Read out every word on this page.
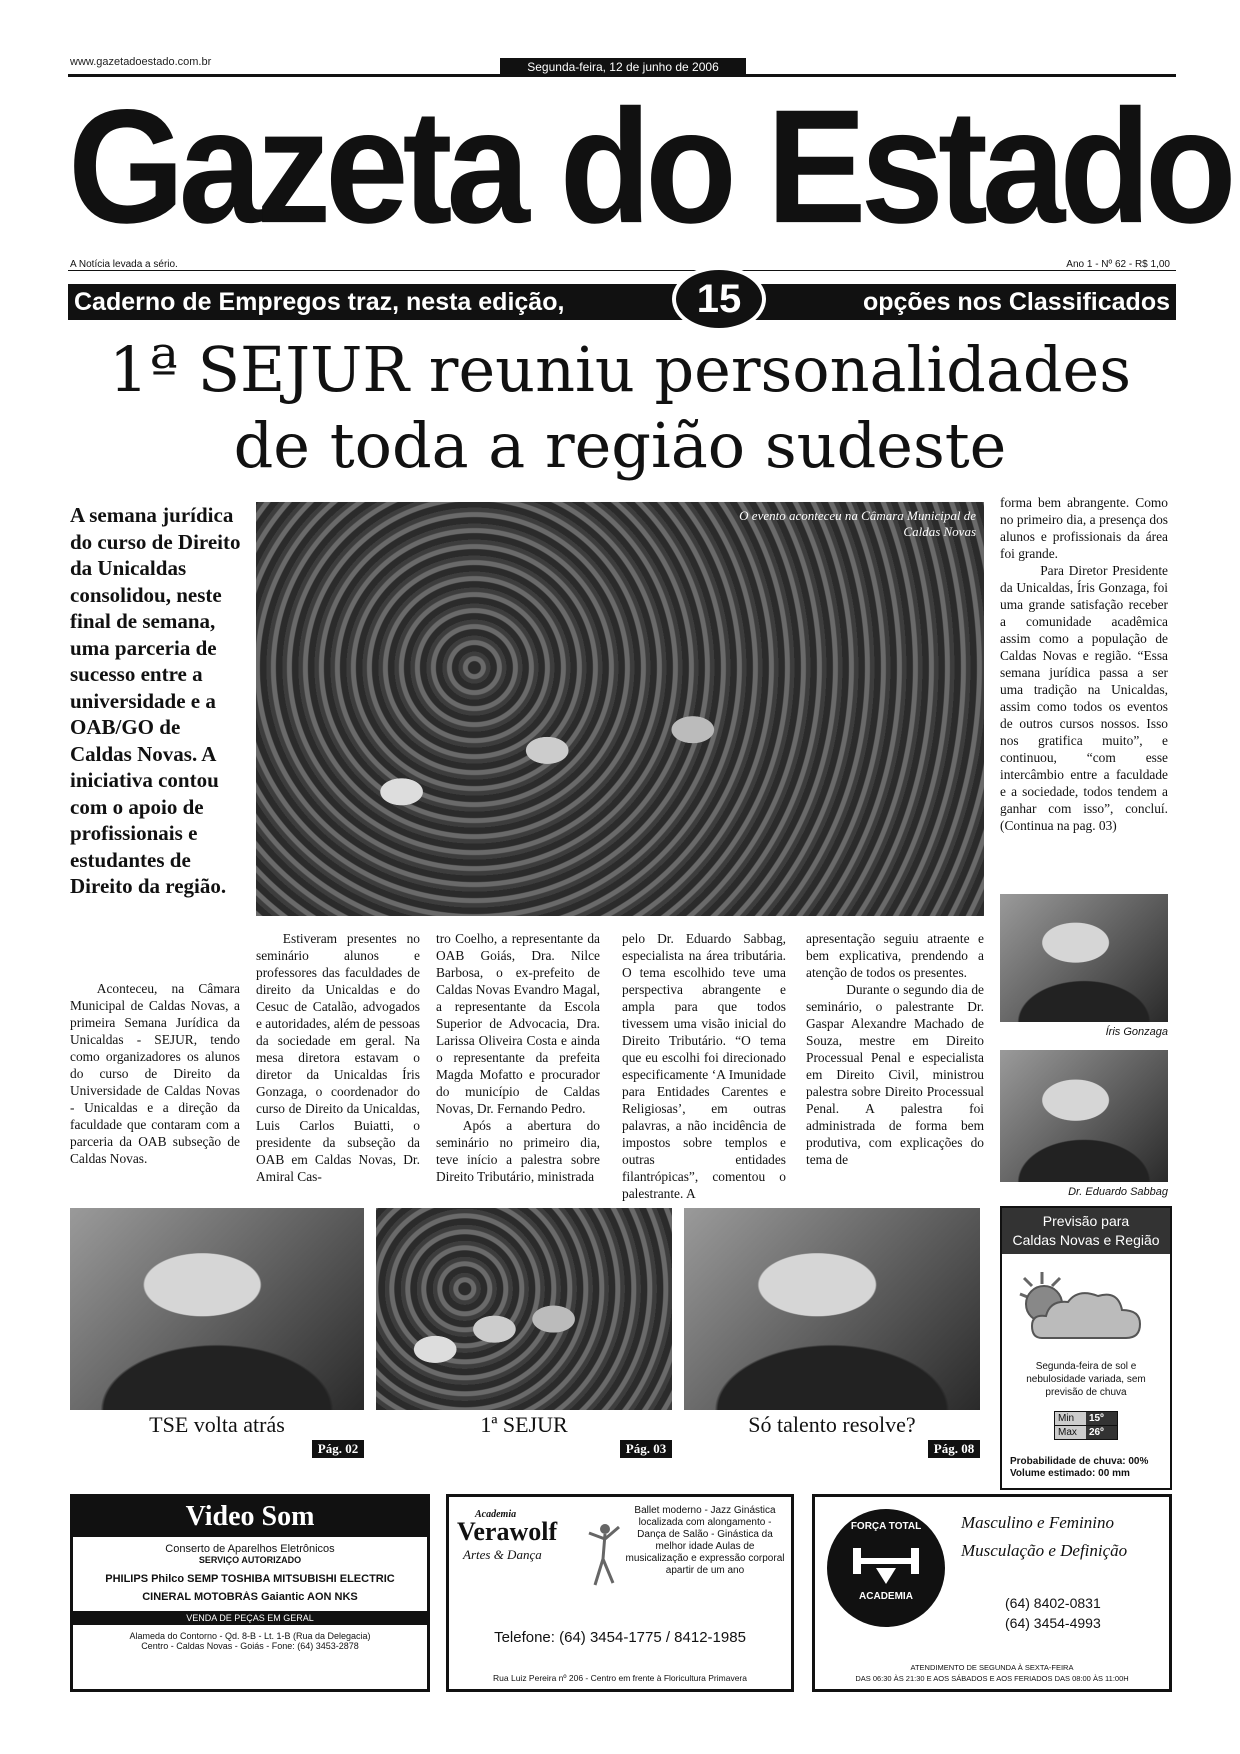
www.gazetadoestado.com.br	Segunda-feira, 12 de junho de 2006
Gazeta do Estado
A Notícia levada a sério.	Ano 1 - Nº 62 - R$ 1,00
Caderno de Empregos traz, nesta edição,	opções nos Classificados
15
1ª SEJUR reuniu personalidades
de toda a região sudeste
A semana jurídica do curso de Direito da Unicaldas consolidou, neste final de semana, uma parceria de sucesso entre a universidade e a OAB/GO de Caldas Novas. A iniciativa contou com o apoio de profissionais e estudantes de Direito da região.
O evento aconteceu na Câmara Municipal de Caldas Novas
Aconteceu, na Câmara Municipal de Caldas Novas, a primeira Semana Jurídica da Unicaldas - SEJUR, tendo como organizadores os alunos do curso de Direito da Universidade de Caldas Novas - Unicaldas e a direção da faculdade que contaram com a parceria da OAB subseção de Caldas Novas.
Estiveram presentes no seminário alunos e professores das faculdades de direito da Unicaldas e do Cesuc de Catalão, advogados e autoridades, além de pessoas da sociedade em geral. Na mesa diretora estavam o diretor da Unicaldas Íris Gonzaga, o coordenador do curso de Direito da Unicaldas, Luis Carlos Buiatti, o presidente da subseção da OAB em Caldas Novas, Dr. Amiral Cas-
tro Coelho, a representante da OAB Goiás, Dra. Nilce Barbosa, o ex-prefeito de Caldas Novas Evandro Magal, a representante da Escola Superior de Advocacia, Dra. Larissa Oliveira Costa e ainda o representante da prefeita Magda Mofatto e procurador do município de Caldas Novas, Dr. Fernando Pedro.
Após a abertura do seminário no primeiro dia, teve início a palestra sobre Direito Tributário, ministrada
pelo Dr. Eduardo Sabbag, especialista na área tributária. O tema escolhido teve uma perspectiva abrangente e ampla para que todos tivessem uma visão inicial do Direito Tributário. “O tema que eu escolhi foi direcionado especificamente ‘A Imunidade para Entidades Carentes e Religiosas’, em outras palavras, a não incidência de impostos sobre templos e outras entidades filantrópicas”, comentou o palestrante. A
apresentação seguiu atraente e bem explicativa, prendendo a atenção de todos os presentes.
Durante o segundo dia de seminário, o palestrante Dr. Gaspar Alexandre Machado de Souza, mestre em Direito Processual Penal e especialista em Direito Civil, ministrou palestra sobre Direito Processual Penal. A palestra foi administrada de forma bem produtiva, com explicações do tema de
forma bem abrangente. Como no primeiro dia, a presença dos alunos e profissionais da área foi grande.
Para Diretor Presidente da Unicaldas, Íris Gonzaga, foi uma grande satisfação receber a comunidade acadêmica assim como a população de Caldas Novas e região. “Essa semana jurídica passa a ser uma tradição na Unicaldas, assim como todos os eventos de outros cursos nossos. Isso nos gratifica muito”, e continuou, “com esse intercâmbio entre a faculdade e a sociedade, todos tendem a ganhar com isso”, concluí. (Continua na pag. 03)
Íris Gonzaga
Dr. Eduardo Sabbag
TSE volta atrás
Pág. 02
1ª SEJUR
Pág. 03
Só talento resolve?
Pág. 08
Previsão para
Caldas Novas e Região
Segunda-feira de sol e nebulosidade variada, sem previsão de chuva
Min	15º
Max	26º
Probabilidade de chuva: 00%
Volume estimado: 00 mm
Video Som
Conserto de Aparelhos Eletrônicos
SERVIÇO AUTORIZADO
PHILIPS Philco SEMP TOSHIBA MITSUBISHI ELECTRIC
CINERAL MOTOBRÁS Gaiantic AON NKS
VENDA DE PEÇAS EM GERAL
Alameda do Contorno - Qd. 8-B - Lt. 1-B (Rua da Delegacia)
Centro - Caldas Novas - Goiás - Fone: (64) 3453-2878
Academia
Verawolf
Artes & Dança
Ballet moderno - Jazz Ginástica localizada com alongamento - Dança de Salão - Ginástica da melhor idade Aulas de musicalização e expressão corporal apartir de um ano
Telefone: (64) 3454-1775 / 8412-1985
Rua Luiz Pereira nº 206 - Centro em frente à Floricultura Primavera
FORÇA TOTAL
ACADEMIA
Masculino e Feminino
Musculação e Definição
(64) 8402-0831
(64) 3454-4993
ATENDIMENTO DE SEGUNDA À SEXTA-FEIRA
DAS 06:30 ÀS 21:30 E AOS SÁBADOS E AOS FERIADOS DAS 08:00 ÀS 11:00H
